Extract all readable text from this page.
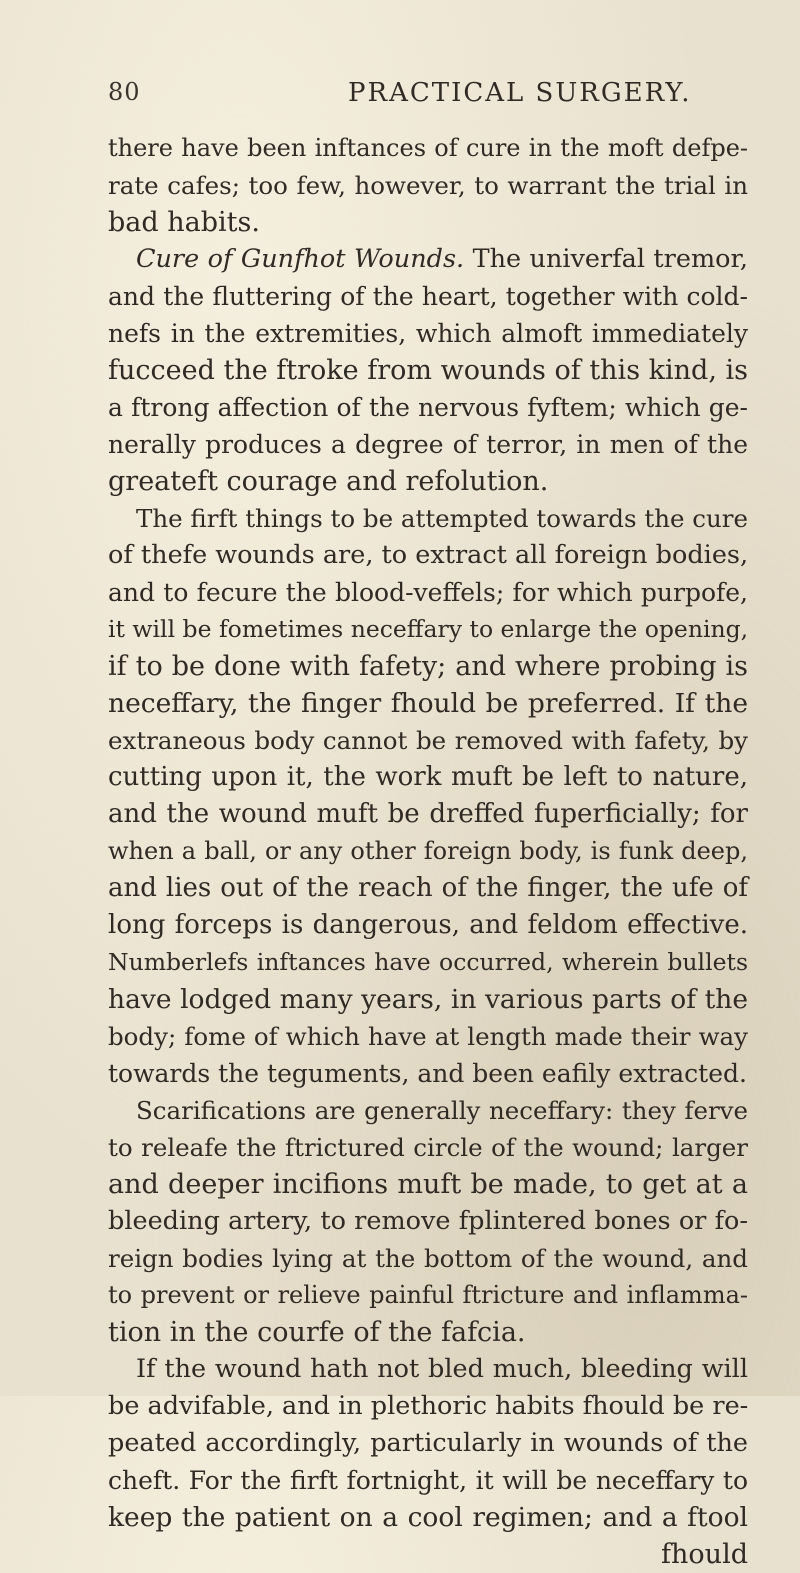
80	PRACTICAL SURGERY.
there have been inftances of cure in the moft defpe-
rate cafes; too few, however, to warrant the trial in
bad habits.
Cure of Gunfhot Wounds. The univerfal tremor,
and the fluttering of the heart, together with cold-
nefs in the extremities, which almoft immediately
fucceed the ftroke from wounds of this kind, is
a ftrong affection of the nervous fyftem; which ge-
nerally produces a degree of terror, in men of the
greateft courage and refolution.
The firft things to be attempted towards the cure
of thefe wounds are, to extract all foreign bodies,
and to fecure the blood-veffels; for which purpofe,
it will be fometimes neceffary to enlarge the opening,
if to be done with fafety; and where probing is
neceffary, the finger fhould be preferred. If the
extraneous body cannot be removed with fafety, by
cutting upon it, the work muft be left to nature,
and the wound muft be dreffed fuperficially; for
when a ball, or any other foreign body, is funk deep,
and lies out of the reach of the finger, the ufe of
long forceps is dangerous, and feldom effective.
Numberlefs inftances have occurred, wherein bullets
have lodged many years, in various parts of the
body; fome of which have at length made their way
towards the teguments, and been eafily extracted.
Scarifications are generally neceffary: they ferve
to releafe the ftrictured circle of the wound; larger
and deeper incifions muft be made, to get at a
bleeding artery, to remove fplintered bones or fo-
reign bodies lying at the bottom of the wound, and
to prevent or relieve painful ftricture and inflamma-
tion in the courfe of the fafcia.
If the wound hath not bled much, bleeding will
be advifable, and in plethoric habits fhould be re-
peated accordingly, particularly in wounds of the
cheft. For the firft fortnight, it will be neceffary to
keep the patient on a cool regimen; and a ftool
fhould
